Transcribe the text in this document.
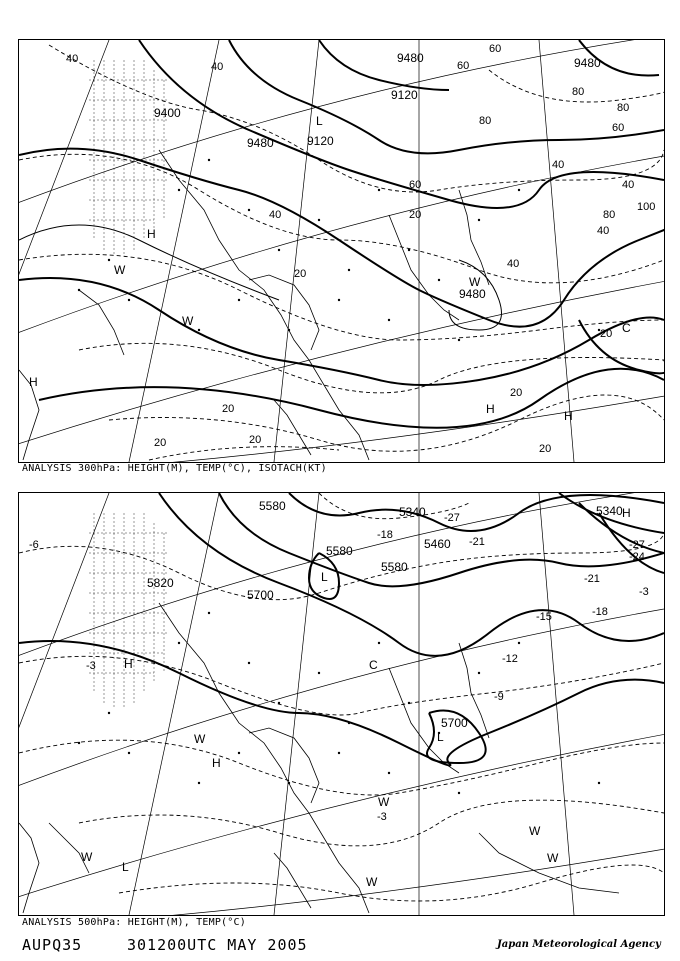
9400
9480
9120
9120
9480	9480
9480
40
40
40
60
60
80
80
80
100
40
40
60
60
40
80
40
20
20
20	20
20
20
20
20
H
H	H
H
L
W
W
W
C
ANALYSIS 300hPa: HEIGHT(M), TEMP(°C), ISOTACH(KT)
5580	5340
5580	5460
5580
5820
5700
5340
5700
-18
-21
-27
-24
-27
-21
-18
-15
-12
-9
-3
-3
-6
-3
H
H
H
L
L
W
W
W
W
W
L
W
C
ANALYSIS 500hPa: HEIGHT(M), TEMP(°C)
AUPQ35	301200UTC MAY 2005	Japan Meteorological Agency
